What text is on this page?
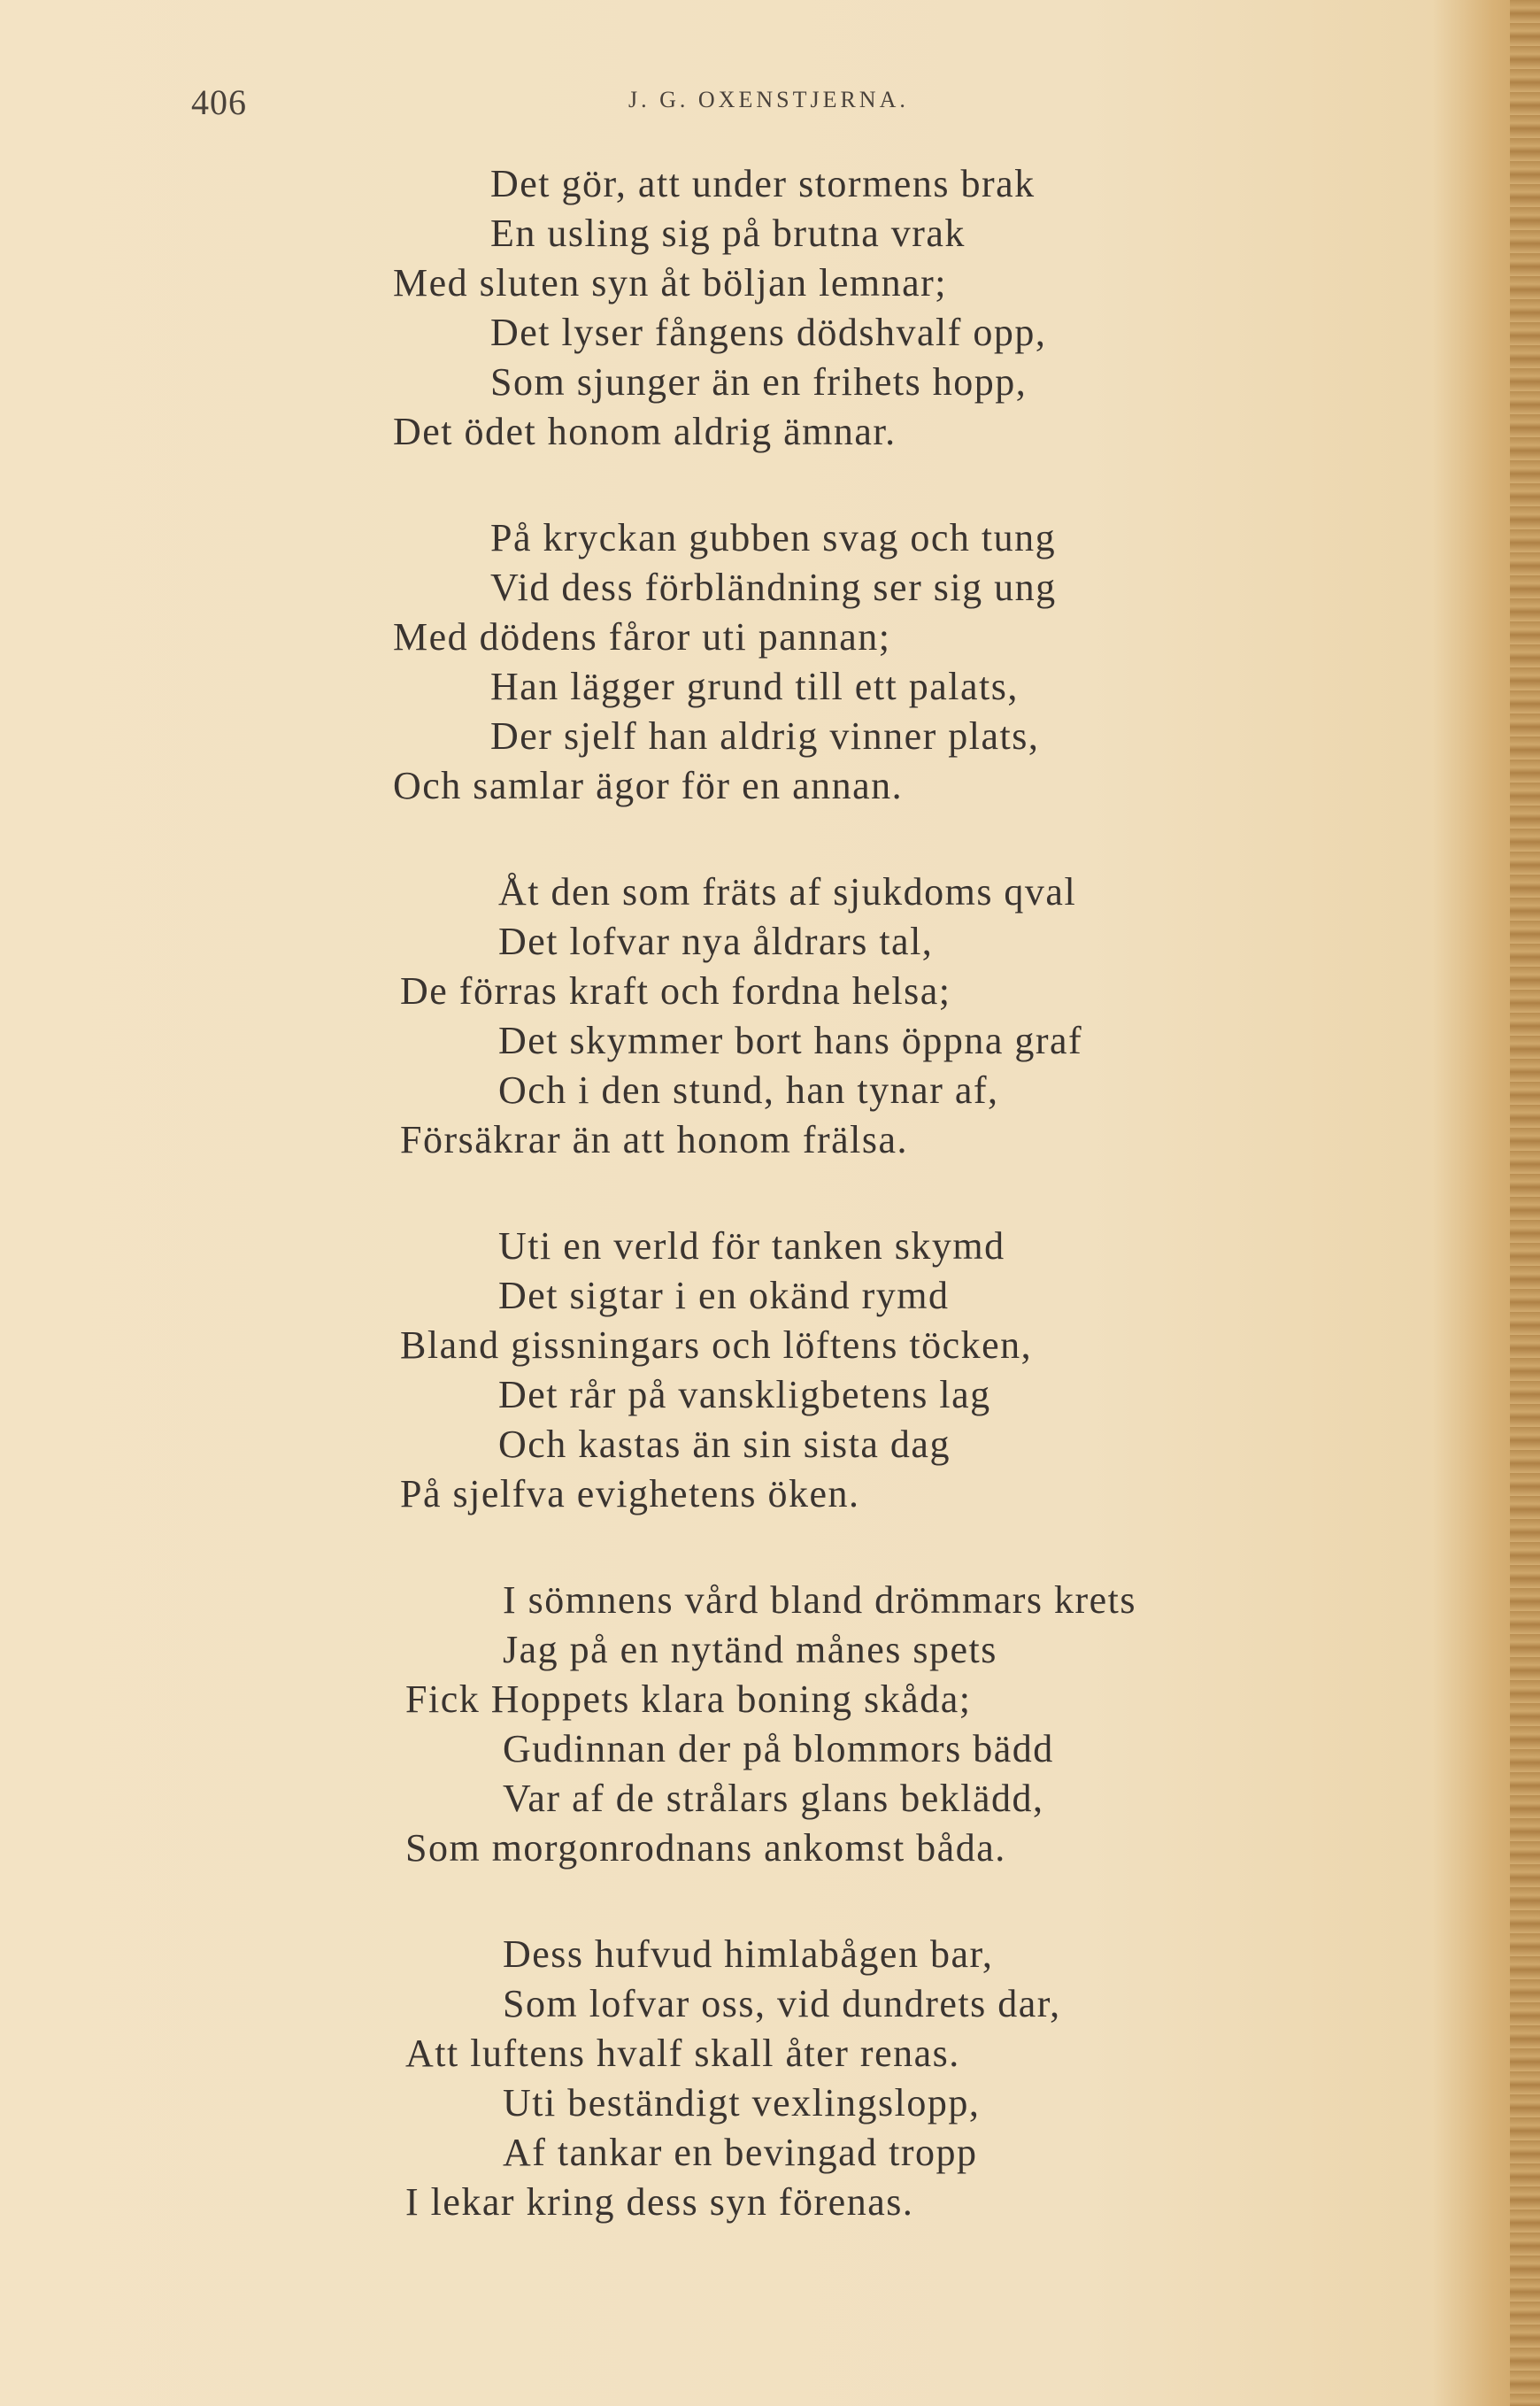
406	J. G. OXENSTJERNA.
Det gör, att under stormens brak
En usling sig på brutna vrak
Med sluten syn åt böljan lemnar;
Det lyser fångens dödshvalf opp,
Som sjunger än en frihets hopp,
Det ödet honom aldrig ämnar.
På kryckan gubben svag och tung
Vid dess förbländning ser sig ung
Med dödens fåror uti pannan;
Han lägger grund till ett palats,
Der sjelf han aldrig vinner plats,
Och samlar ägor för en annan.
Åt den som fräts af sjukdoms qval
Det lofvar nya åldrars tal,
De förras kraft och fordna helsa;
Det skymmer bort hans öppna graf
Och i den stund, han tynar af,
Försäkrar än att honom frälsa.
Uti en verld för tanken skymd
Det sigtar i en okänd rymd
Bland gissningars och löftens töcken,
Det rår på vanskligbetens lag
Och kastas än sin sista dag
På sjelfva evighetens öken.
I sömnens vård bland drömmars krets
Jag på en nytänd månes spets
Fick Hoppets klara boning skåda;
Gudinnan der på blommors bädd
Var af de strålars glans beklädd,
Som morgonrodnans ankomst båda.
Dess hufvud himlabågen bar,
Som lofvar oss, vid dundrets dar,
Att luftens hvalf skall åter renas.
Uti beständigt vexlingslopp,
Af tankar en bevingad tropp
I lekar kring dess syn förenas.
